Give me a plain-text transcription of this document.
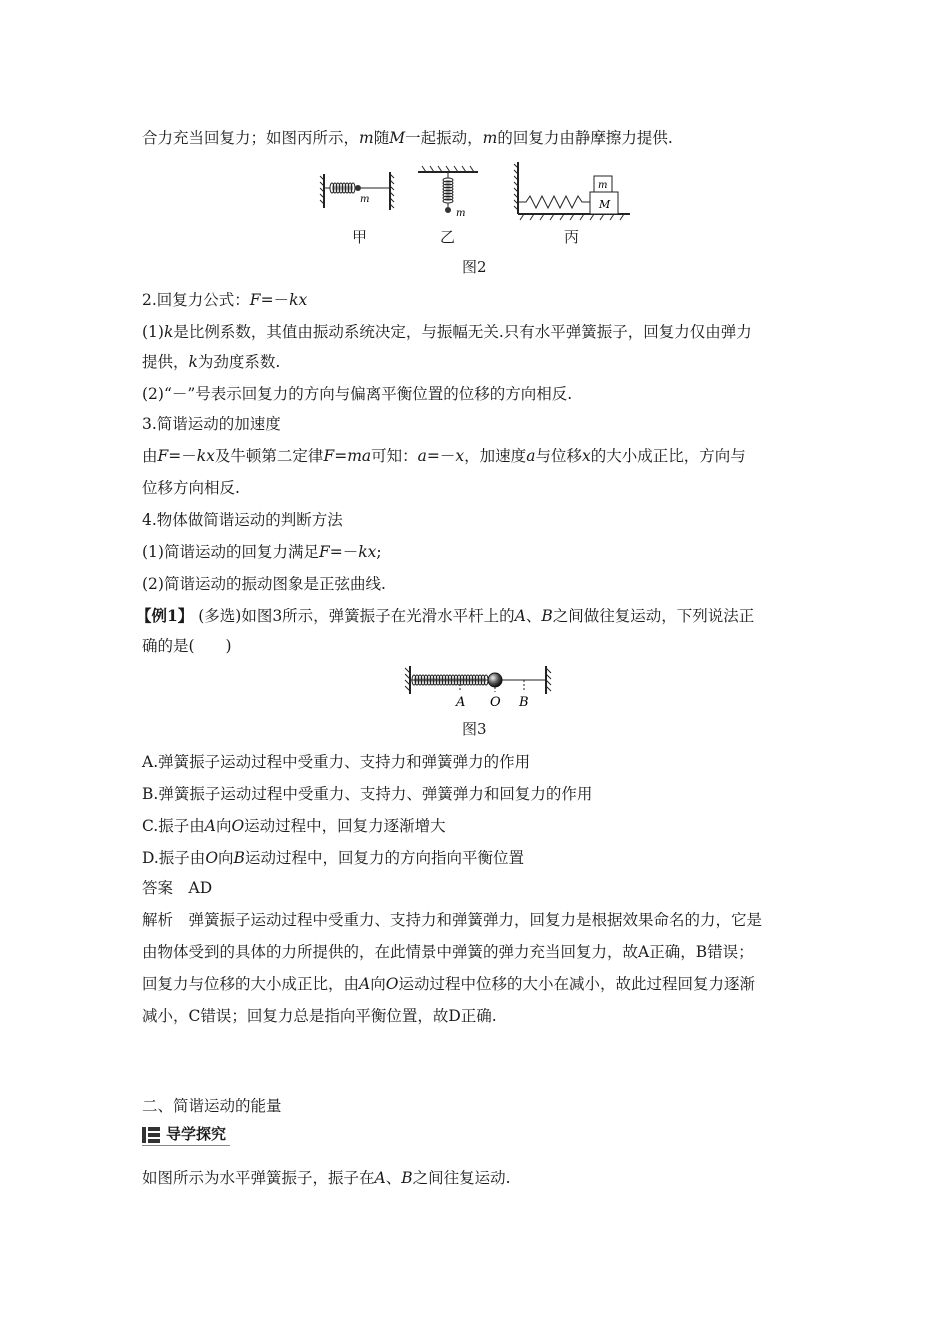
合力充当回复力；如图丙所示，m随M一起振动，m的回复力由静摩擦力提供.
m
m
m
M
甲	乙	丙
图2
2.回复力公式：F=－kx
(1)k是比例系数，其值由振动系统决定，与振幅无关.只有水平弹簧振子，回复力仅由弹力
提供，k为劲度系数.
(2)“－”号表示回复力的方向与偏离平衡位置的位移的方向相反.
3.简谐运动的加速度
由F=－kx及牛顿第二定律F=ma可知：a=－x，加速度a与位移x的大小成正比，方向与
位移方向相反.
4.物体做简谐运动的判断方法
(1)简谐运动的回复力满足F=－kx;
(2)简谐运动的振动图象是正弦曲线.
【例1】 (多选)如图3所示，弹簧振子在光滑水平杆上的A、B之间做往复运动，下列说法正
确的是(　　)
A O B
图3
A.弹簧振子运动过程中受重力、支持力和弹簧弹力的作用
B.弹簧振子运动过程中受重力、支持力、弹簧弹力和回复力的作用
C.振子由A向O运动过程中，回复力逐渐增大
D.振子由O向B运动过程中，回复力的方向指向平衡位置
答案　AD
解析　弹簧振子运动过程中受重力、支持力和弹簧弹力，回复力是根据效果命名的力，它是
由物体受到的具体的力所提供的，在此情景中弹簧的弹力充当回复力，故A正确，B错误；
回复力与位移的大小成正比，由A向O运动过程中位移的大小在减小，故此过程回复力逐渐
减小，C错误；回复力总是指向平衡位置，故D正确.
二、简谐运动的能量
导学探究
如图所示为水平弹簧振子，振子在A、B之间往复运动.
